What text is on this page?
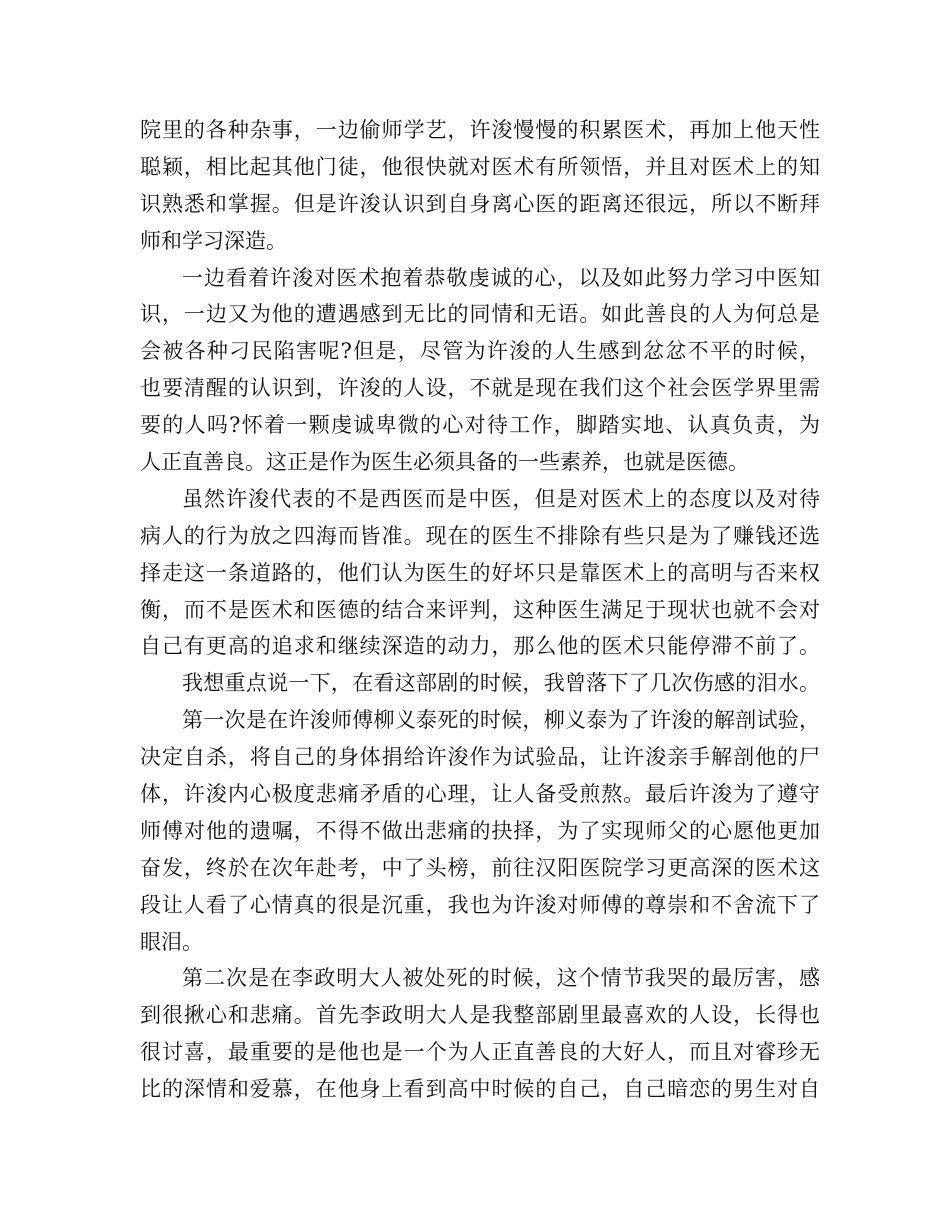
院里的各种杂事，一边偷师学艺，许浚慢慢的积累医术，再加上他天性
聪颖，相比起其他门徒，他很快就对医术有所领悟，并且对医术上的知
识熟悉和掌握。但是许浚认识到自身离心医的距离还很远，所以不断拜
师和学习深造。
一边看着许浚对医术抱着恭敬虔诚的心，以及如此努力学习中医知
识，一边又为他的遭遇感到无比的同情和无语。如此善良的人为何总是
会被各种刁民陷害呢?但是，尽管为许浚的人生感到忿忿不平的时候，
也要清醒的认识到，许浚的人设，不就是现在我们这个社会医学界里需
要的人吗?怀着一颗虔诚卑微的心对待工作，脚踏实地、认真负责，为
人正直善良。这正是作为医生必须具备的一些素养，也就是医德。
虽然许浚代表的不是西医而是中医，但是对医术上的态度以及对待
病人的行为放之四海而皆准。现在的医生不排除有些只是为了赚钱还选
择走这一条道路的，他们认为医生的好坏只是靠医术上的高明与否来权
衡，而不是医术和医德的结合来评判，这种医生满足于现状也就不会对
自己有更高的追求和继续深造的动力，那么他的医术只能停滞不前了。
我想重点说一下，在看这部剧的时候，我曾落下了几次伤感的泪水。
第一次是在许浚师傅柳义泰死的时候，柳义泰为了许浚的解剖试验，
决定自杀，将自己的身体捐给许浚作为试验品，让许浚亲手解剖他的尸
体，许浚内心极度悲痛矛盾的心理，让人备受煎熬。最后许浚为了遵守
师傅对他的遗嘱，不得不做出悲痛的抉择，为了实现师父的心愿他更加
奋发，终於在次年赴考，中了头榜，前往汉阳医院学习更高深的医术这
段让人看了心情真的很是沉重，我也为许浚对师傅的尊崇和不舍流下了
眼泪。
第二次是在李政明大人被处死的时候，这个情节我哭的最厉害，感
到很揪心和悲痛。首先李政明大人是我整部剧里最喜欢的人设，长得也
很讨喜，最重要的是他也是一个为人正直善良的大好人，而且对睿珍无
比的深情和爱慕，在他身上看到高中时候的自己，自己暗恋的男生对自
